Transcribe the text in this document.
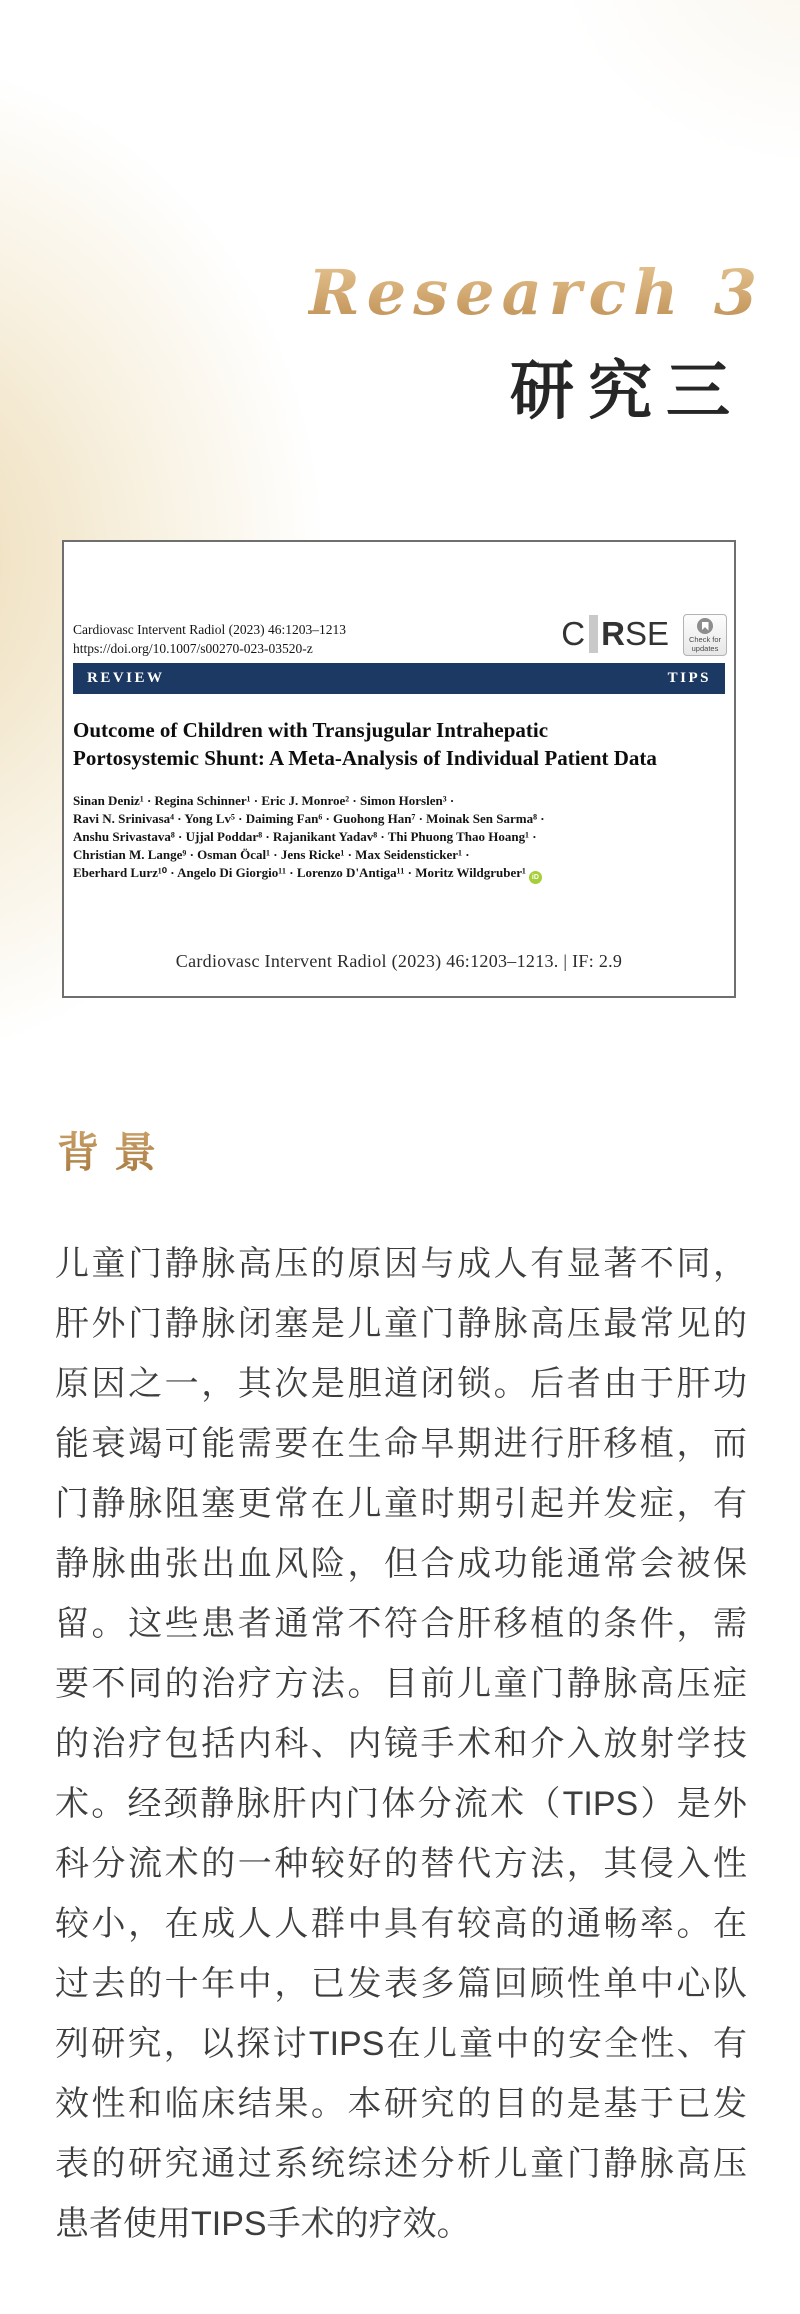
Research 3
研究三
Cardiovasc Intervent Radiol (2023) 46:1203–1213
https://doi.org/10.1007/s00270-023-03520-z	C R SE	Check for updates
REVIEW	TIPS
Outcome of Children with Transjugular Intrahepatic
Portosystemic Shunt: A Meta-Analysis of Individual Patient Data
Sinan Deniz¹ · Regina Schinner¹ · Eric J. Monroe² · Simon Horslen³ ·
Ravi N. Srinivasa⁴ · Yong Lv⁵ · Daiming Fan⁶ · Guohong Han⁷ · Moinak Sen Sarma⁸ ·
Anshu Srivastava⁸ · Ujjal Poddar⁸ · Rajanikant Yadav⁸ · Thi Phuong Thao Hoang¹ ·
Christian M. Lange⁹ · Osman Öcal¹ · Jens Ricke¹ · Max Seidensticker¹ ·
Eberhard Lurz¹⁰ · Angelo Di Giorgio¹¹ · Lorenzo D'Antiga¹¹ · Moritz Wildgruber¹ iD
Cardiovasc Intervent Radiol (2023) 46:1203–1213. | IF: 2.9
背景
儿童门静脉高压的原因与成人有显著不同，
肝外门静脉闭塞是儿童门静脉高压最常见的
原因之一，其次是胆道闭锁。后者由于肝功
能衰竭可能需要在生命早期进行肝移植，而
门静脉阻塞更常在儿童时期引起并发症，有
静脉曲张出血风险，但合成功能通常会被保
留。这些患者通常不符合肝移植的条件，需
要不同的治疗方法。目前儿童门静脉高压症
的治疗包括内科、内镜手术和介入放射学技
术。经颈静脉肝内门体分流术（TIPS）是外
科分流术的一种较好的替代方法，其侵入性
较小，在成人人群中具有较高的通畅率。在
过去的十年中，已发表多篇回顾性单中心队
列研究，以探讨TIPS在儿童中的安全性、有
效性和临床结果。本研究的目的是基于已发
表的研究通过系统综述分析儿童门静脉高压
患者使用TIPS手术的疗效。
